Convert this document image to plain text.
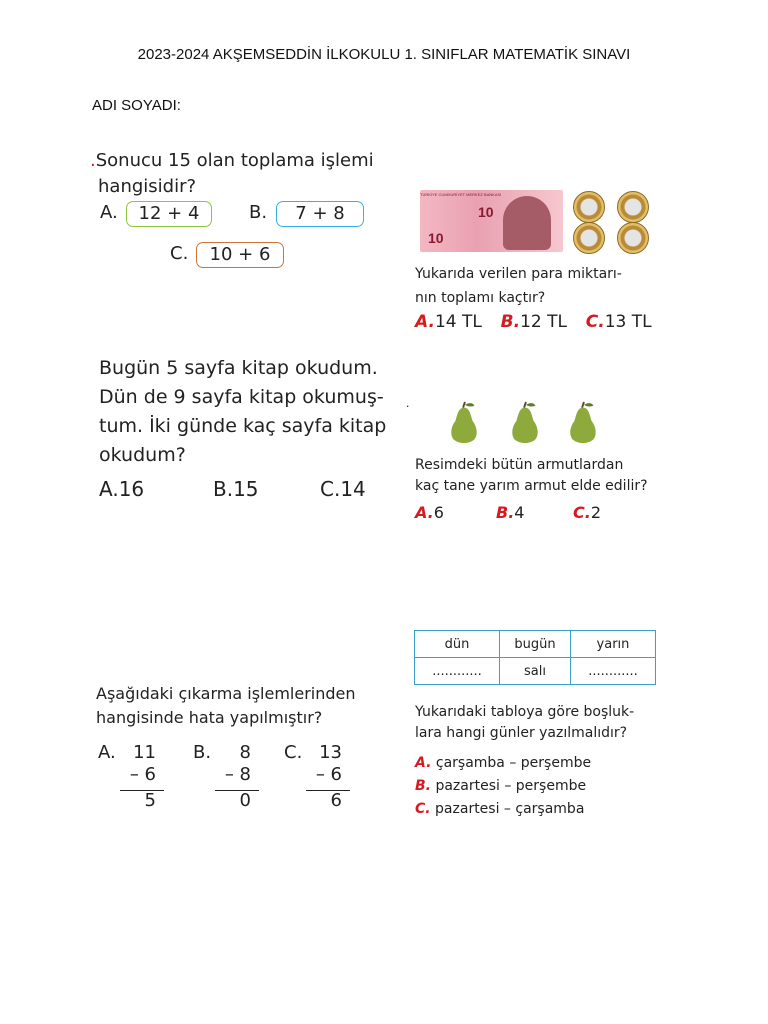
2023-2024 AKŞEMSEDDİN İLKOKULU 1. SINIFLAR MATEMATİK SINAVI
ADI SOYADI:
.Sonucu 15 olan toplama işlemi
hangisidir?
A.	12 + 4	B.	7 + 8
C.	10 + 6
TÜRKİYE CUMHURİYET MERKEZ BANKASI
10
10
Yukarıda verilen para miktarı-
nın toplamı kaçtır?
A.14 TL B.12 TL C.13 TL
Bugün 5 sayfa kitap okudum.
Dün de 9 sayfa kitap okumuş-
tum. İki günde kaç sayfa kitap
okudum?
A.16	B.15	C.14
.
Resimdeki bütün armutlardan
kaç tane yarım armut elde edilir?
A.6	B.4	C.2
dün	bugün	yarın
............	salı	............
Yukarıdaki tabloya göre boşluk-
lara hangi günler yazılmalıdır?
A. çarşamba – perşembe
B. pazartesi – perşembe
C. pazartesi – çarşamba
Aşağıdaki çıkarma işlemlerinden
hangisinde hata yapılmıştır?
A. 11
– 6
5
B.	8
– 8
0
C. 13
– 6
6
